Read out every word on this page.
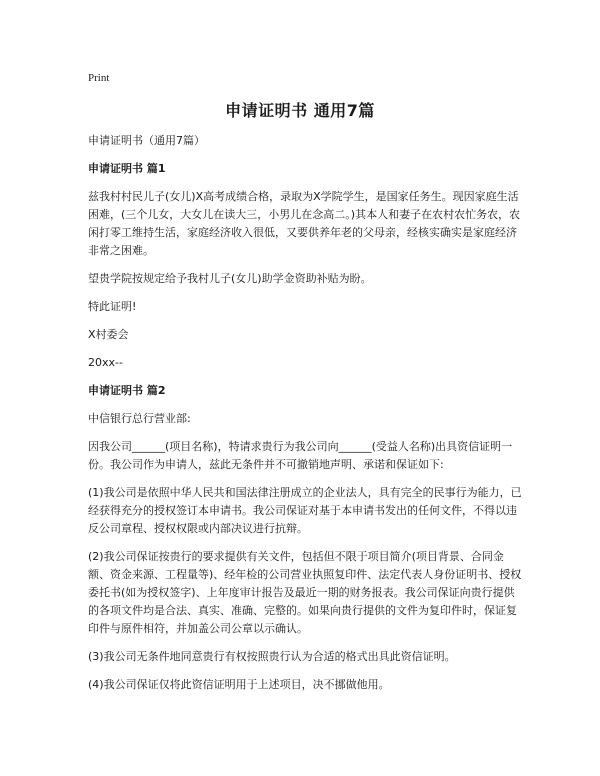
Print
申请证明书 通用7篇

申请证明书（通用7篇）

申请证明书 篇1

兹我村村民儿子(女儿)X高考成绩合格，录取为X学院学生，是国家任务生。现因家庭生活困难，(三个儿女，大女儿在读大三，小男儿在念高二。)其本人和妻子在农村农忙务农，农闲打零工维持生活，家庭经济收入很低，又要供养年老的父母亲，经核实确实是家庭经济非常之困难。

望贵学院按规定给予我村儿子(女儿)助学金资助补贴为盼。

特此证明!

X村委会

20xx--

申请证明书 篇2

中信银行总行营业部:

因我公司______(项目名称)，特请求贵行为我公司向______(受益人名称)出具资信证明一份。我公司作为申请人，兹此无条件并不可撤销地声明、承诺和保证如下:

(1)我公司是依照中华人民共和国法律注册成立的企业法人，具有完全的民事行为能力，已经获得充分的授权签订本申请书。我公司保证对基于本申请书发出的任何文件，不得以违反公司章程、授权权限或内部决议进行抗辩。

(2)我公司保证按贵行的要求提供有关文件，包括但不限于项目简介(项目背景、合同金额、资金来源、工程量等)、经年检的公司营业执照复印件、法定代表人身份证明书、授权委托书(如为授权签字)、上年度审计报告及最近一期的财务报表。我公司保证向贵行提供的各项文件均是合法、真实、准确、完整的。如果向贵行提供的文件为复印件时，保证复印件与原件相符，并加盖公司公章以示确认。

(3)我公司无条件地同意贵行有权按照贵行认为合适的格式出具此资信证明。

(4)我公司保证仅将此资信证明用于上述项目，决不挪做他用。
